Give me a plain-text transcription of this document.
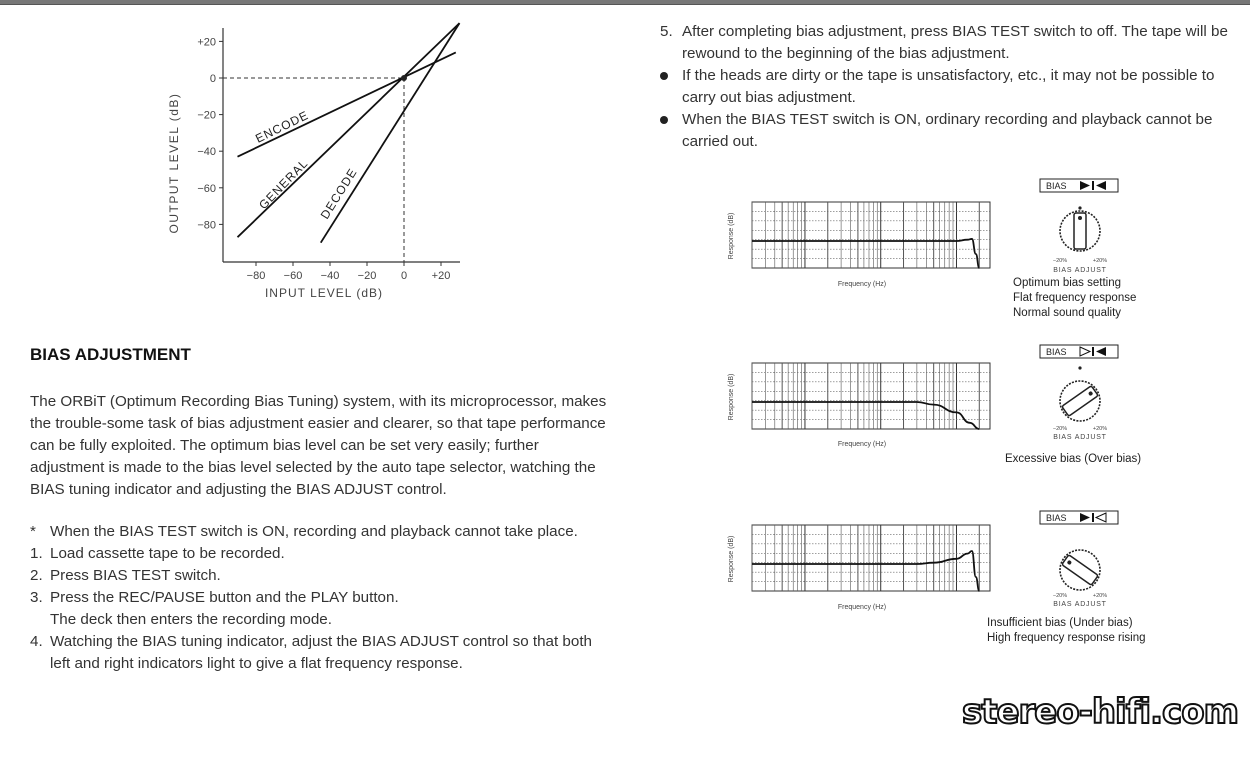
OUTPUT LEVEL (dB)
INPUT LEVEL (dB)
+20
0
−20
−40
−60
−80
−80 −60 −40 −20 0 +20
ENCODE
GENERAL DECODE
BIAS ADJUSTMENT

The ORBiT (Optimum Recording Bias Tuning) system, with its microprocessor, makes the trouble-some task of bias adjustment easier and clearer, so that tape performance can be fully exploited. The optimum bias level can be set very easily; further adjustment is made to the bias level selected by the auto tape selector, watching the BIAS tuning indicator and adjusting the BIAS ADJUST control.

* When the BIAS TEST switch is ON, recording and playback cannot take place.
1. Load cassette tape to be recorded.
2. Press BIAS TEST switch.
3. Press the REC/PAUSE button and the PLAY button.
The deck then enters the recording mode.
4. Watching the BIAS tuning indicator, adjust the BIAS ADJUST control so that both left and right indicators light to give a flat frequency response.
5. After completing bias adjustment, press BIAS TEST switch to off. The tape will be rewound to the beginning of the bias adjustment.
If the heads are dirty or the tape is unsatisfactory, etc., it may not be possible to carry out bias adjustment.
When the BIAS TEST switch is ON, ordinary recording and playback cannot be carried out.
Response (dB)
Frequency (Hz)
Response (dB)
Frequency (Hz)
Response (dB)
Frequency (Hz)
BIAS
−20%	+20%
BIAS ADJUST
Optimum bias setting
Flat frequency response
Normal sound quality
BIAS
−20%	+20%
BIAS ADJUST
Excessive bias (Over bias)
BIAS
−20%	+20%
BIAS ADJUST
Insufficient bias (Under bias)
High frequency response rising
stereo-hifi.com
